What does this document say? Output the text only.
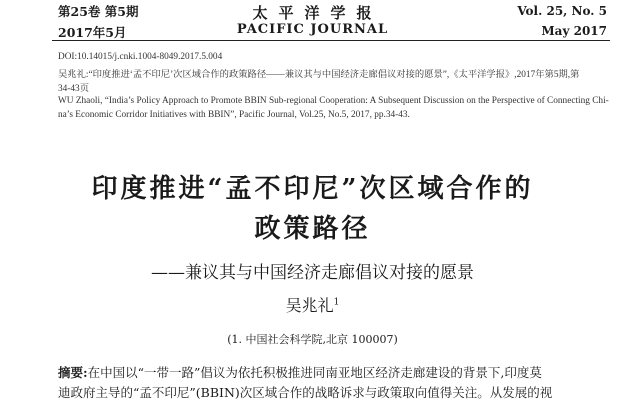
第25卷 第5期
2017年5月
太平洋学报
PACIFIC JOURNAL
Vol. 25, No. 5
May 2017
DOI:10.14015/j.cnki.1004-8049.2017.5.004
吴兆礼:“印度推进‘孟不印尼’次区域合作的政策路径——兼议其与中国经济走廊倡议对接的愿景”,《太平洋学报》,2017年第5期,第
34-43页
WU Zhaoli, “India’s Policy Approach to Promote BBIN Sub-regional Cooperation: A Subsequent Discussion on the Perspective of Connecting Chi-
na’s Economic Corridor Initiatives with BBIN”, Pacific Journal, Vol.25, No.5, 2017, pp.34-43.
印度推进“孟不印尼”次区域合作的
政策路径
——兼议其与中国经济走廊倡议对接的愿景
吴兆礼$^1$
(1. 中国社会科学院,北京 100007)
摘要:在中国以“一带一路”倡议为依托积极推进同南亚地区经济走廊建设的背景下,印度莫
迪政府主导的“孟不印尼”(BBIN)次区域合作的战略诉求与政策取向值得关注。从发展的视
